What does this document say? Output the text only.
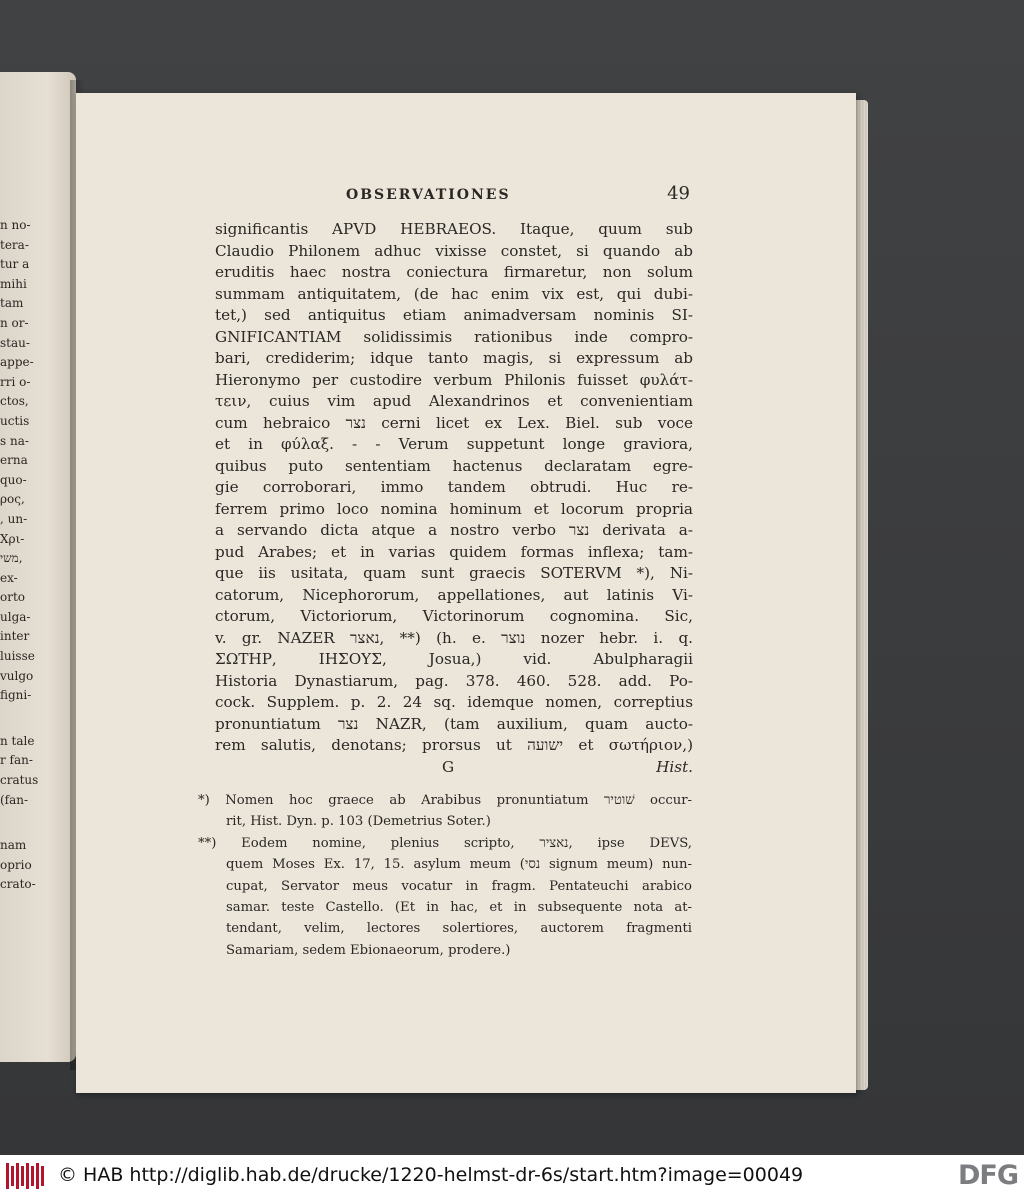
n no-
tera-
tur a
mihi
tam
n or-
stau-
appe-
rri o-
ctos,
uctis
s na-
erna
quo-
ρος,
, un-
Χρι-
משי,
ex-
orto
ulga-
inter
luisse
vulgo
figni-
n tale
r fan-
cratus
(fan-
nam
oprio
crato-
OBSERVATIONES	49
significantis APVD HEBRAEOS. Itaque, quum sub
Claudio Philonem adhuc vixisse constet, si quando ab
eruditis haec nostra coniectura firmaretur, non solum
summam antiquitatem, (de hac enim vix est, qui dubi-
tet,) sed antiquitus etiam animadversam nominis SI-
GNIFICANTIAM solidissimis rationibus inde compro-
bari, crediderim; idque tanto magis, si expressum ab
Hieronymo per custodire verbum Philonis fuisset φυλάτ-
τειν, cuius vim apud Alexandrinos et convenientiam
cum hebraico נצר cerni licet ex Lex. Biel. sub voce
et in φύλαξ. - - Verum suppetunt longe graviora,
quibus puto sententiam hactenus declaratam egre-
gie corroborari, immo tandem obtrudi. Huc re-
ferrem primo loco nomina hominum et locorum propria
a servando dicta atque a nostro verbo נצר derivata a-
pud Arabes; et in varias quidem formas inflexa; tam-
que iis usitata, quam sunt graecis SOTERVM *), Ni-
catorum, Nicephororum, appellationes, aut latinis Vi-
ctorum, Victoriorum, Victorinorum cognomina. Sic,
v. gr. NAZER נאצר, **) (h. e. נוצר nozer hebr. i. q.
ΣΩΤΗΡ, ΙΗΣΟΥΣ, Josua,) vid. Abulpharagii
Historia Dynastiarum, pag. 378. 460. 528. add. Po-
cock. Supplem. p. 2. 24 sq. idemque nomen, correptius
pronuntiatum נצר NAZR, (tam auxilium, quam aucto-
rem salutis, denotans; prorsus ut ישועה et σωτήριον,)
G	Hist.
*) Nomen hoc graece ab Arabibus pronuntiatum שׁוטיר occur-
rit, Hist. Dyn. p. 103 (Demetrius Soter.)
**) Eodem nomine, plenius scripto, נאציר, ipse DEVS,
quem Moses Ex. 17, 15. asylum meum (נסי signum meum) nun-
cupat, Servator meus vocatur in fragm. Pentateuchi arabico
samar. teste Castello. (Et in hac, et in subsequente nota at-
tendant, velim, lectores solertiores, auctorem fragmenti
Samariam, sedem Ebionaeorum, prodere.)
© HAB http://diglib.hab.de/drucke/1220-helmst-dr-6s/start.htm?image=00049	DFG
